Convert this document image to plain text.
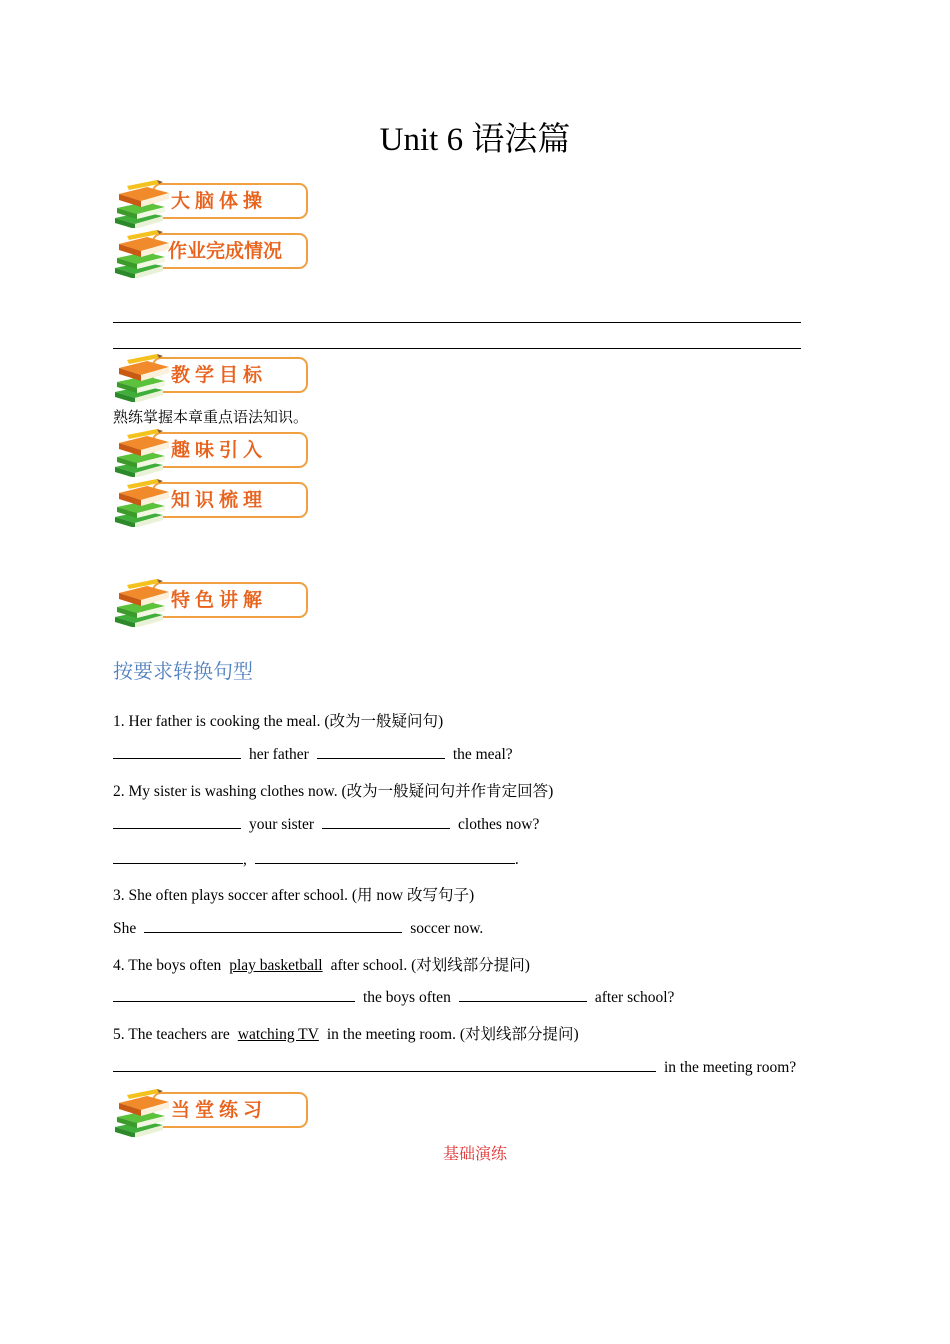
Unit 6 语法篇
大脑体操
作业完成情况
教学目标
熟练掌握本章重点语法知识。
趣味引入
知识梳理
特色讲解
按要求转换句型
1. Her father is cooking the meal. (改为一般疑问句)
her father	the meal?
2. My sister is washing clothes now. (改为一般疑问句并作肯定回答)
your sister	clothes now?
,	.
3. She often plays soccer after school. (用 now 改写句子)
She	soccer now.
4. The boys often play basketball after school. (对划线部分提问)
the boys often	after school?
5. The teachers are watching TV in the meeting room. (对划线部分提问)
in the meeting room?
当堂练习
基础演练
